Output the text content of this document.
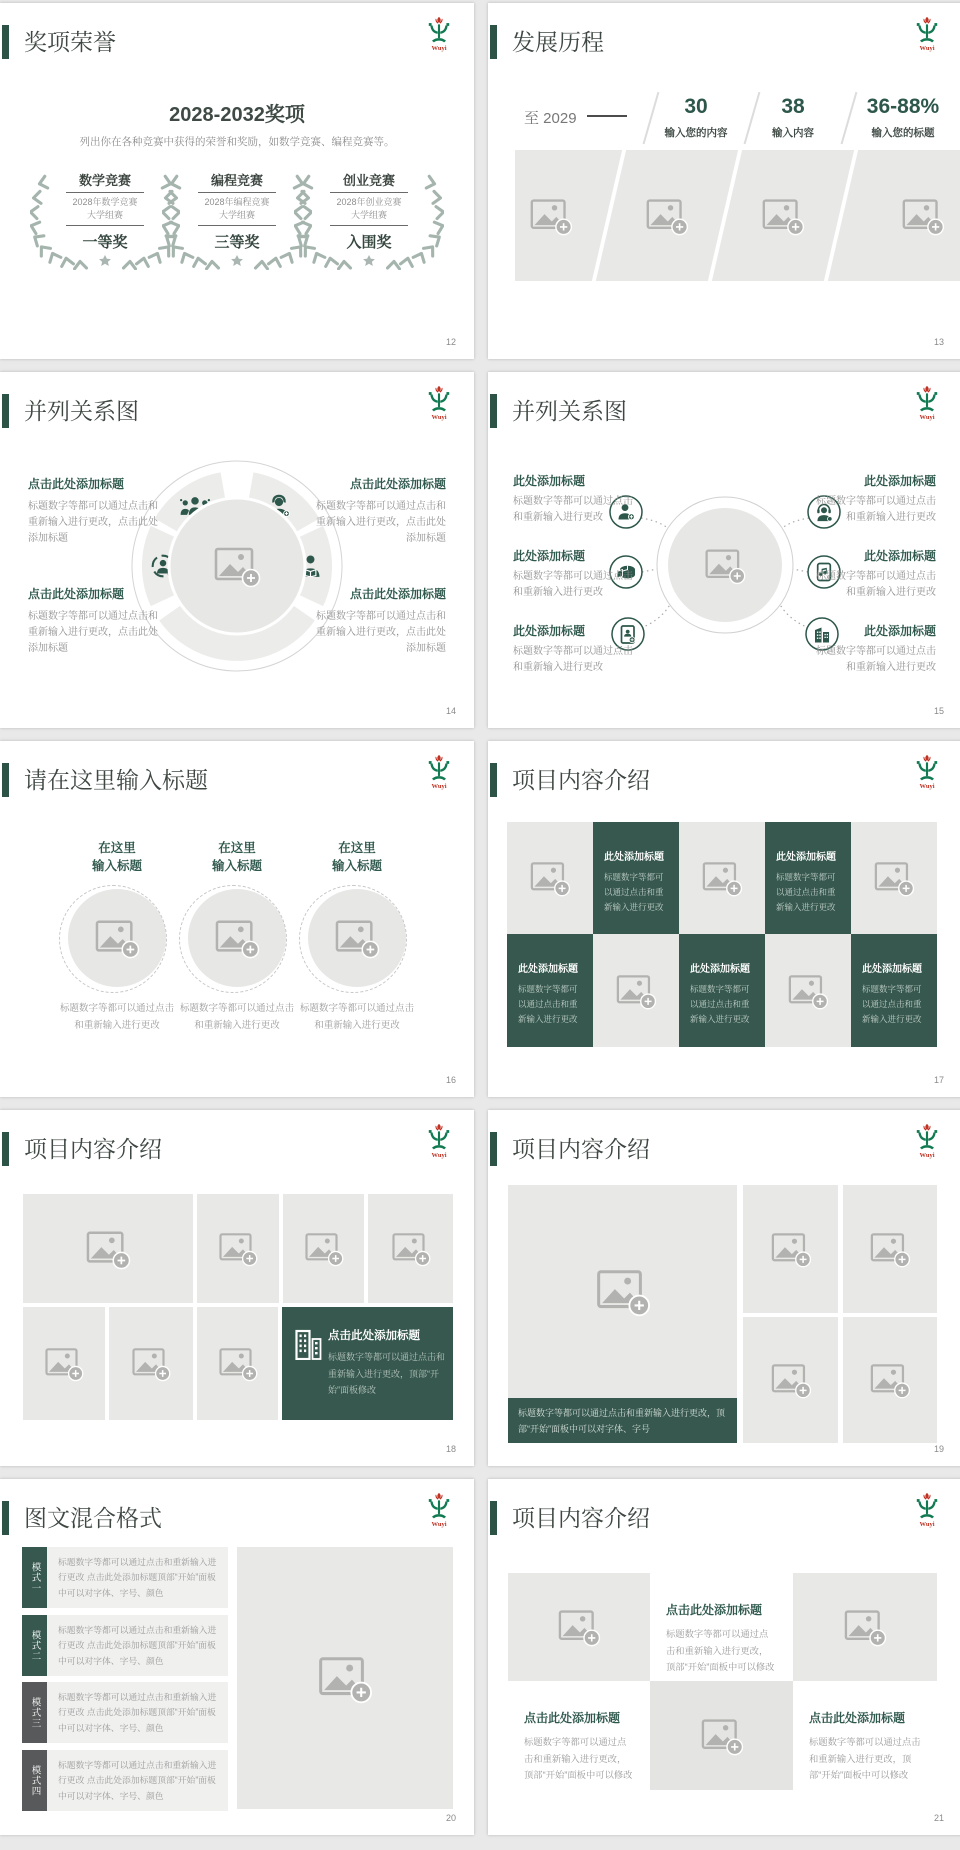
奖项荣誉	Wuyi
2028-2032奖项
列出你在各种竞赛中获得的荣誉和奖励，如数学竞赛、编程竞赛等。
数学竞赛
2028年数学竞赛
大学组赛
一等奖
编程竞赛
2028年编程竞赛
大学组赛
三等奖
创业竞赛
2028年创业竞赛
大学组赛
入围奖
12
发展历程	Wuyi
至 2029
30
输入您的内容
38
输入内容
36-88%
输入您的标题
13
并列关系图	Wuyi
点击此处添加标题
标题数字等都可以通过点击和重新输入进行更改，点击此处添加标题
点击此处添加标题
标题数字等都可以通过点击和重新输入进行更改，点击此处添加标题
点击此处添加标题
标题数字等都可以通过点击和重新输入进行更改，点击此处添加标题
点击此处添加标题
标题数字等都可以通过点击和重新输入进行更改，点击此处添加标题
14
并列关系图	Wuyi
此处添加标题
标题数字等都可以通过点击和重新输入进行更改
此处添加标题
标题数字等都可以通过点击和重新输入进行更改
此处添加标题
标题数字等都可以通过点击和重新输入进行更改
此处添加标题
标题数字等都可以通过点击和重新输入进行更改
此处添加标题
标题数字等都可以通过点击和重新输入进行更改
此处添加标题
标题数字等都可以通过点击和重新输入进行更改
15
请在这里输入标题	Wuyi
在这里
输入标题
标题数字等都可以通过点击和重新输入进行更改
在这里
输入标题
标题数字等都可以通过点击和重新输入进行更改
在这里
输入标题
标题数字等都可以通过点击和重新输入进行更改
16
项目内容介绍	Wuyi
此处添加标题
标题数字等都可以通过点击和重新输入进行更改
此处添加标题
标题数字等都可以通过点击和重新输入进行更改
此处添加标题
标题数字等都可以通过点击和重新输入进行更改
此处添加标题
标题数字等都可以通过点击和重新输入进行更改
此处添加标题
标题数字等都可以通过点击和重新输入进行更改
17
项目内容介绍	Wuyi
点击此处添加标题
标题数字等都可以通过点击和重新输入进行更改，顶部“开始”面板修改
18
项目内容介绍	Wuyi
标题数字等都可以通过点击和重新输入进行更改，顶部“开始”面板中可以对字体、字号
19
图文混合格式	Wuyi
模式一	标题数字等都可以通过点击和重新输入进行更改 点击此处添加标题顶部“开始”面板中可以对字体、字号、颜色
模式二	标题数字等都可以通过点击和重新输入进行更改 点击此处添加标题顶部“开始”面板中可以对字体、字号、颜色
模式三	标题数字等都可以通过点击和重新输入进行更改 点击此处添加标题顶部“开始”面板中可以对字体、字号、颜色
模式四	标题数字等都可以通过点击和重新输入进行更改 点击此处添加标题顶部“开始”面板中可以对字体、字号、颜色
20
项目内容介绍	Wuyi
点击此处添加标题
标题数字等都可以通过点击和重新输入进行更改，顶部“开始”面板中可以修改
点击此处添加标题
标题数字等都可以通过点击和重新输入进行更改，顶部“开始”面板中可以修改
点击此处添加标题
标题数字等都可以通过点击和重新输入进行更改，顶部“开始”面板中可以修改
21
